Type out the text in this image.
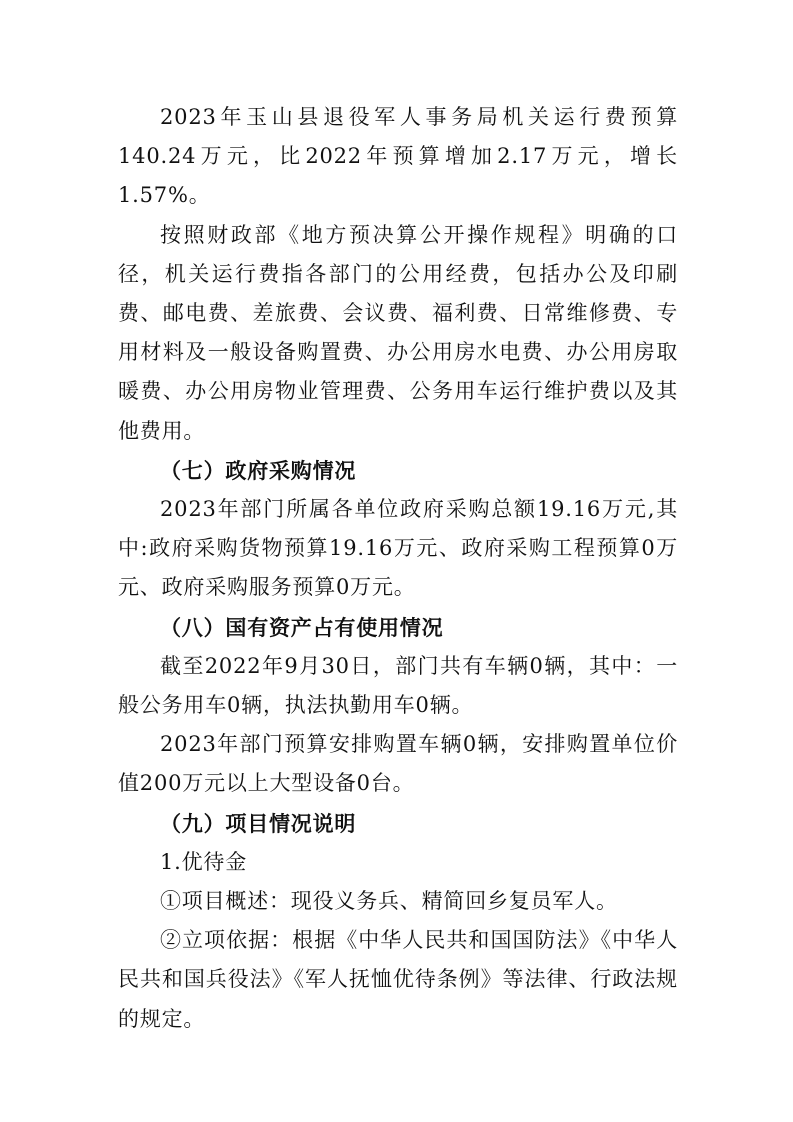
2023年玉山县退役军人事务局机关运行费预算140.24万元，比2022年预算增加2.17万元，增长1.57%。

按照财政部《地方预决算公开操作规程》明确的口径，机关运行费指各部门的公用经费，包括办公及印刷费、邮电费、差旅费、会议费、福利费、日常维修费、专用材料及一般设备购置费、办公用房水电费、办公用房取暖费、办公用房物业管理费、公务用车运行维护费以及其他费用。

（七）政府采购情况

2023年部门所属各单位政府采购总额19.16万元,其中:政府采购货物预算19.16万元、政府采购工程预算0万元、政府采购服务预算0万元。

（八）国有资产占有使用情况

截至2022年9月30日，部门共有车辆0辆，其中：一般公务用车0辆，执法执勤用车0辆。

2023年部门预算安排购置车辆0辆，安排购置单位价值200万元以上大型设备0台。

（九）项目情况说明

1.优待金

①项目概述：现役义务兵、精简回乡复员军人。

②立项依据：根据《中华人民共和国国防法》《中华人民共和国兵役法》《军人抚恤优待条例》等法律、行政法规的规定。
